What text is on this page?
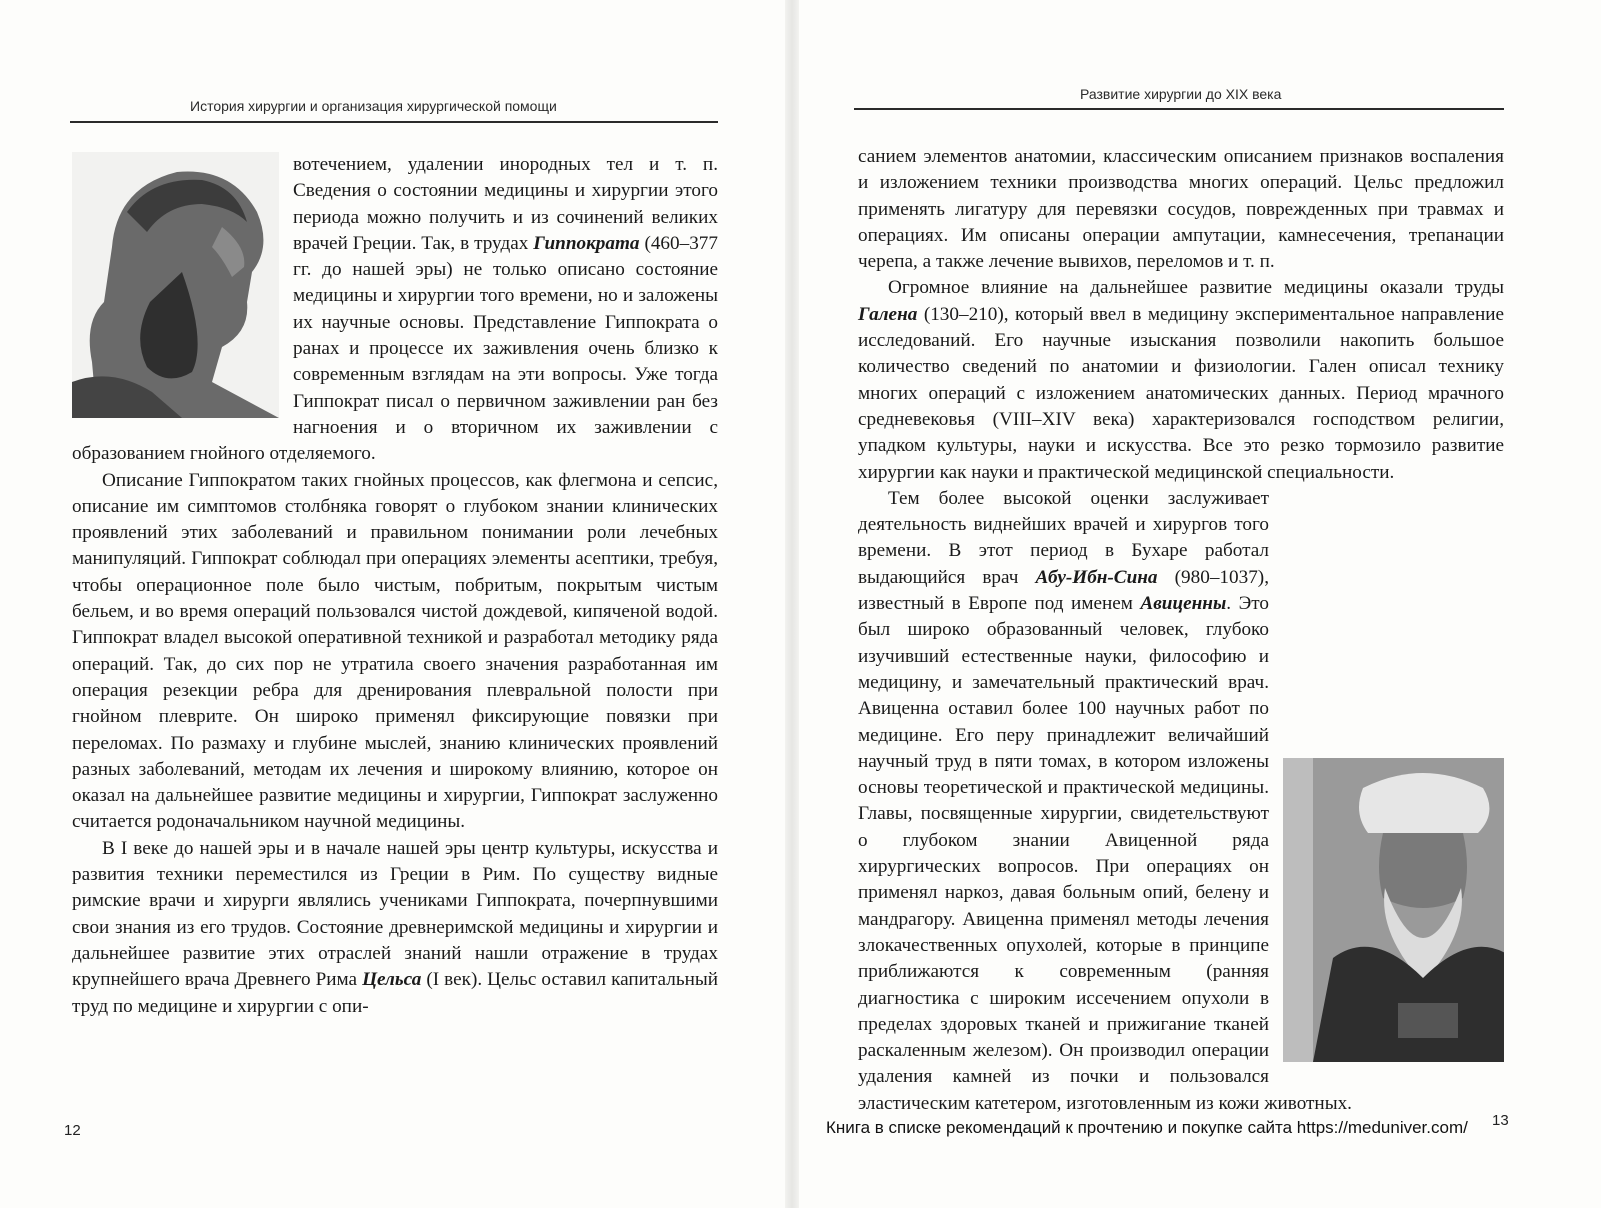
История хирургии и организация хирургической помощи

вотечением, удалении инородных тел и т. п. Сведения о состоянии медицины и хирургии этого периода можно получить и из сочинений великих врачей Греции. Так, в трудах Гиппократа (460–377 гг. до нашей эры) не только описано состояние медицины и хирургии того времени, но и заложены их научные основы. Представление Гиппократа о ранах и процессе их заживления очень близко к современным взглядам на эти вопросы. Уже тогда Гиппократ писал о первичном заживлении ран без нагноения и о вторичном их заживлении с образованием гнойного отделяемого.

Описание Гиппократом таких гнойных процессов, как флегмона и сепсис, описание им симптомов столбняка говорят о глубоком знании клинических проявлений этих заболеваний и правильном понимании роли лечебных манипуляций. Гиппократ соблюдал при операциях элементы асептики, требуя, чтобы операционное поле было чистым, побритым, покрытым чистым бельем, и во время операций пользовался чистой дождевой, кипяченой водой. Гиппократ владел высокой оперативной техникой и разработал методику ряда операций. Так, до сих пор не утратила своего значения разработанная им операция резекции ребра для дренирования плевральной полости при гнойном плеврите. Он широко применял фиксирующие повязки при переломах. По размаху и глубине мыслей, знанию клинических проявлений разных заболеваний, методам их лечения и широкому влиянию, которое он оказал на дальнейшее развитие медицины и хирургии, Гиппократ заслуженно считается родоначальником научной медицины.

В I веке до нашей эры и в начале нашей эры центр культуры, искусства и развития техники переместился из Греции в Рим. По существу видные римские врачи и хирурги являлись учениками Гиппократа, почерпнувшими свои знания из его трудов. Состояние древнеримской медицины и хирургии и дальнейшее развитие этих отраслей знаний нашли отражение в трудах крупнейшего врача Древнего Рима Цельса (I век). Цельс оставил капитальный труд по медицине и хирургии с опи-

12
Развитие хирургии до XIX века

санием элементов анатомии, классическим описанием признаков воспаления и изложением техники производства многих операций. Цельс предложил применять лигатуру для перевязки сосудов, поврежденных при травмах и операциях. Им описаны операции ампутации, камнесечения, трепанации черепа, а также лечение вывихов, переломов и т. п.

Огромное влияние на дальнейшее развитие медицины оказали труды Галена (130–210), который ввел в медицину экспериментальное направление исследований. Его научные изыскания позволили накопить большое количество сведений по анатомии и физиологии. Гален описал технику многих операций с изложением анатомических данных. Период мрачного средневековья (VIII–XIV века) характеризовался господством религии, упадком культуры, науки и искусства. Все это резко тормозило развитие хирургии как науки и практической медицинской специальности.

Тем более высокой оценки заслуживает деятельность виднейших врачей и хирургов того времени. В этот период в Бухаре работал выдающийся врач Абу-Ибн-Сина (980–1037), известный в Европе под именем Авиценны. Это был широко образованный человек, глубоко изучивший естественные науки, философию и медицину, и замечательный практический врач. Авиценна оставил более 100 научных работ по медицине. Его перу принадлежит величайший научный труд в пяти томах, в котором изложены основы теоретической и практической медицины. Главы, посвященные хирургии, свидетельствуют о глубоком знании Авиценной ряда хирургических вопросов. При операциях он применял наркоз, давая больным опий, белену и мандрагору. Авиценна применял методы лечения злокачественных опухолей, которые в принципе приближаются к современным (ранняя диагностика с широким иссечением опухоли в пределах здоровых тканей и прижигание тканей раскаленным железом). Он производил операции удаления камней из почки и пользовался эластическим катетером, изготовленным из кожи животных.

13
Книга в списке рекомендаций к прочтению и покупке сайта https://meduniver.com/
